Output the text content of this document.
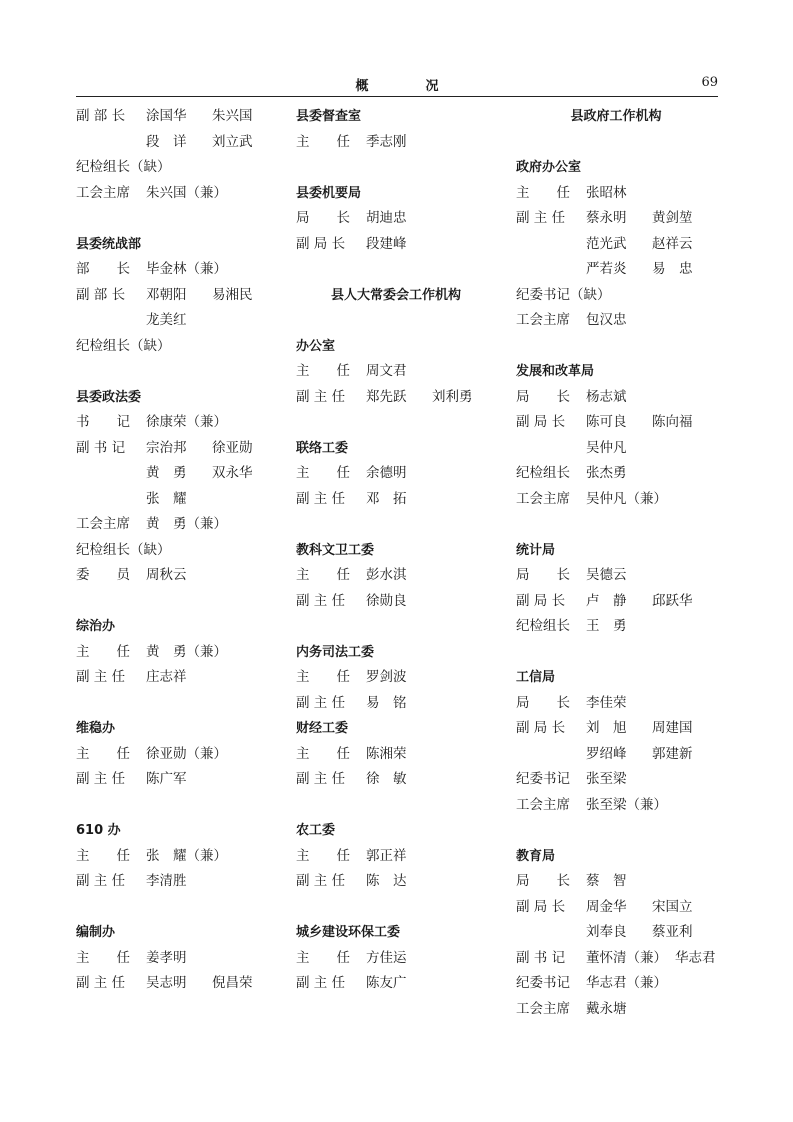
概　况	69
副 部 长 涂国华 朱兴国
段　详 刘立武
纪检组长（缺）
工会主席 朱兴国（兼）
县委统战部
部　　长 毕金林（兼）
副 部 长 邓朝阳 易湘民
龙美红
纪检组长（缺）
县委政法委
书　　记 徐康荣（兼）
副 书 记 宗治邦 徐亚勋
黄　勇 双永华
张　耀
工会主席 黄　勇（兼）
纪检组长（缺）
委　　员 周秋云
综治办
主　　任 黄　勇（兼）
副 主 任 庄志祥
维稳办
主　　任 徐亚勋（兼）
副 主 任 陈广军
610 办
主　　任 张　耀（兼）
副 主 任 李清胜
编制办
主　　任 姜孝明
副 主 任 吴志明 倪昌荣
县委督查室
主　　任 季志刚
县委机要局
局　　长 胡迪忠
副 局 长 段建峰
县人大常委会工作机构
办公室
主　　任 周文君
副 主 任 郑先跃 刘利勇
联络工委
主　　任 余德明
副 主 任 邓　拓
教科文卫工委
主　　任 彭水淇
副 主 任 徐勋良
内务司法工委
主　　任 罗剑波
副 主 任 易　铭
财经工委
主　　任 陈湘荣
副 主 任 徐　敏
农工委
主　　任 郭正祥
副 主 任 陈　达
城乡建设环保工委
主　　任 方佳运
副 主 任 陈友广
县政府工作机构
政府办公室
主　　任 张昭林
副 主 任 蔡永明 黄剑堃
范光武 赵祥云
严若炎 易　忠
纪委书记（缺）
工会主席 包汉忠
发展和改革局
局　　长 杨志斌
副 局 长 陈可良 陈向福
吴仲凡
纪检组长 张杰勇
工会主席 吴仲凡（兼）
统计局
局　　长 吴德云
副 局 长 卢　静 邱跃华
纪检组长 王　勇
工信局
局　　长 李佳荣
副 局 长 刘　旭 周建国
罗绍峰 郭建新
纪委书记 张至梁
工会主席 张至梁（兼）
教育局
局　　长 蔡　智
副 局 长 周金华 宋国立
刘奉良 蔡亚利
副 书 记 董怀清（兼） 华志君
纪委书记 华志君（兼）
工会主席 戴永塘
